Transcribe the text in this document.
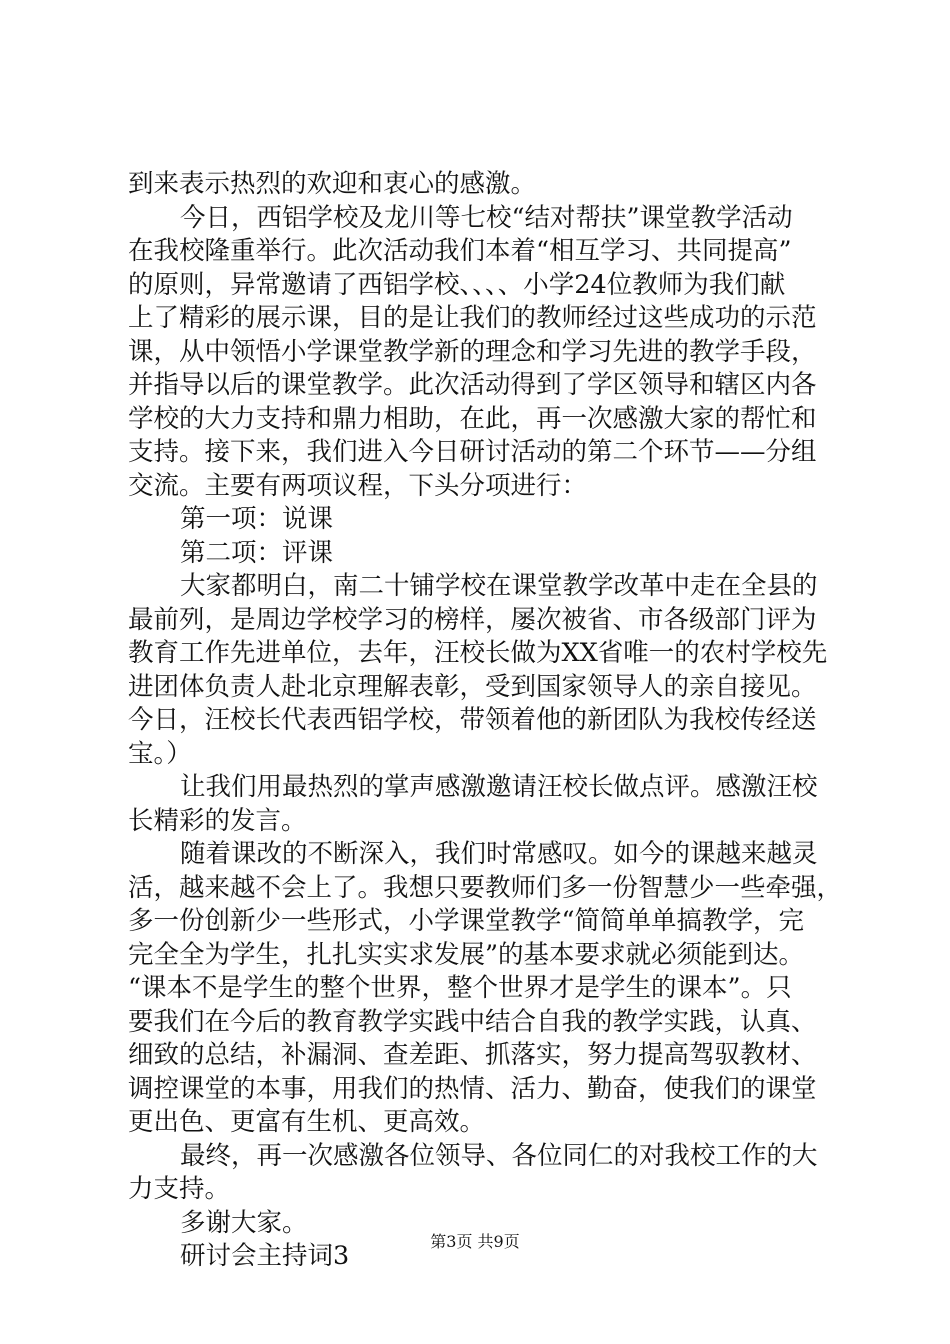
到来表示热烈的欢迎和衷心的感激。
今日，西铝学校及龙川等七校“结对帮扶”课堂教学活动
在我校隆重举行。此次活动我们本着“相互学习、共同提高”
的原则，异常邀请了西铝学校、、、、小学24位教师为我们献
上了精彩的展示课，目的是让我们的教师经过这些成功的示范
课，从中领悟小学课堂教学新的理念和学习先进的教学手段，
并指导以后的课堂教学。此次活动得到了学区领导和辖区内各
学校的大力支持和鼎力相助，在此，再一次感激大家的帮忙和
支持。接下来，我们进入今日研讨活动的第二个环节——分组
交流。主要有两项议程，下头分项进行：
第一项：说课
第二项：评课
大家都明白，南二十铺学校在课堂教学改革中走在全县的
最前列，是周边学校学习的榜样，屡次被省、市各级部门评为
教育工作先进单位，去年，汪校长做为XX省唯一的农村学校先
进团体负责人赴北京理解表彰，受到国家领导人的亲自接见。
今日，汪校长代表西铝学校，带领着他的新团队为我校传经送
宝。）
让我们用最热烈的掌声感激邀请汪校长做点评。感激汪校
长精彩的发言。
随着课改的不断深入，我们时常感叹。如今的课越来越灵
活，越来越不会上了。我想只要教师们多一份智慧少一些牵强，
多一份创新少一些形式，小学课堂教学“简简单单搞教学，完
完全全为学生，扎扎实实求发展”的基本要求就必须能到达。
“课本不是学生的整个世界，整个世界才是学生的课本”。只
要我们在今后的教育教学实践中结合自我的教学实践，认真、
细致的总结，补漏洞、查差距、抓落实，努力提高驾驭教材、
调控课堂的本事，用我们的热情、活力、勤奋，使我们的课堂
更出色、更富有生机、更高效。
最终，再一次感激各位领导、各位同仁的对我校工作的大
力支持。
多谢大家。
研讨会主持词3	第3页 共9页
